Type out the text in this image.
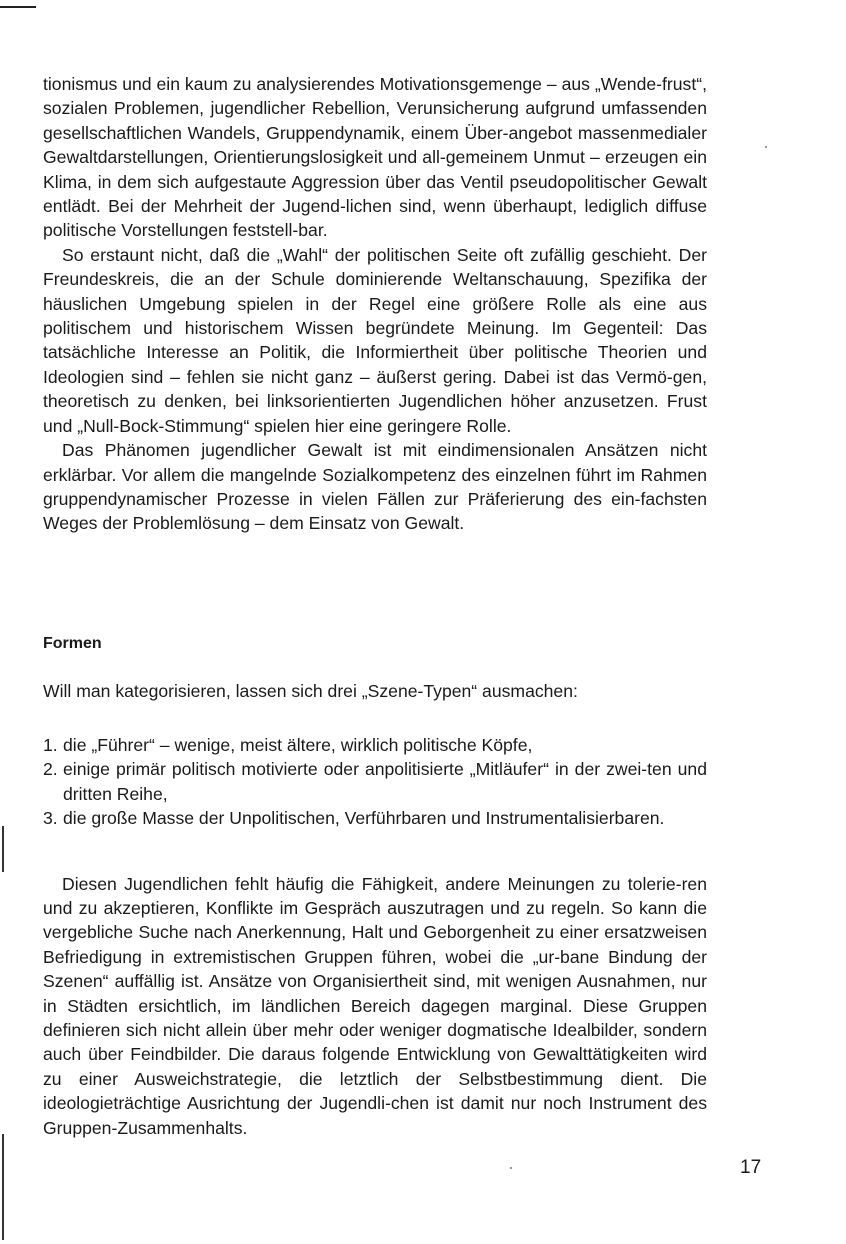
tionismus und ein kaum zu analysierendes Motivationsgemenge – aus „Wende-frust“, sozialen Problemen, jugendlicher Rebellion, Verunsicherung aufgrund umfassenden gesellschaftlichen Wandels, Gruppendynamik, einem Über-angebot massenmedialer Gewaltdarstellungen, Orientierungslosigkeit und all-gemeinem Unmut – erzeugen ein Klima, in dem sich aufgestaute Aggression über das Ventil pseudopolitischer Gewalt entlädt. Bei der Mehrheit der Jugend-lichen sind, wenn überhaupt, lediglich diffuse politische Vorstellungen feststell-bar.

So erstaunt nicht, daß die „Wahl“ der politischen Seite oft zufällig geschieht. Der Freundeskreis, die an der Schule dominierende Weltanschauung, Spezifika der häuslichen Umgebung spielen in der Regel eine größere Rolle als eine aus politischem und historischem Wissen begründete Meinung. Im Gegenteil: Das tatsächliche Interesse an Politik, die Informiertheit über politische Theorien und Ideologien sind – fehlen sie nicht ganz – äußerst gering. Dabei ist das Vermö-gen, theoretisch zu denken, bei linksorientierten Jugendlichen höher anzusetzen. Frust und „Null-Bock-Stimmung“ spielen hier eine geringere Rolle.

Das Phänomen jugendlicher Gewalt ist mit eindimensionalen Ansätzen nicht erklärbar. Vor allem die mangelnde Sozialkompetenz des einzelnen führt im Rahmen gruppendynamischer Prozesse in vielen Fällen zur Präferierung des ein-fachsten Weges der Problemlösung – dem Einsatz von Gewalt.

Formen
Will man kategorisieren, lassen sich drei „Szene-Typen“ ausmachen:
1. die „Führer“ – wenige, meist ältere, wirklich politische Köpfe,
2. einige primär politisch motivierte oder anpolitisierte „Mitläufer“ in der zwei-ten und dritten Reihe,
3. die große Masse der Unpolitischen, Verführbaren und Instrumentalisierbaren.

Diesen Jugendlichen fehlt häufig die Fähigkeit, andere Meinungen zu tolerie-ren und zu akzeptieren, Konflikte im Gespräch auszutragen und zu regeln. So kann die vergebliche Suche nach Anerkennung, Halt und Geborgenheit zu einer ersatzweisen Befriedigung in extremistischen Gruppen führen, wobei die „ur-bane Bindung der Szenen“ auffällig ist. Ansätze von Organisiertheit sind, mit wenigen Ausnahmen, nur in Städten ersichtlich, im ländlichen Bereich dagegen marginal. Diese Gruppen definieren sich nicht allein über mehr oder weniger dogmatische Idealbilder, sondern auch über Feindbilder. Die daraus folgende Entwicklung von Gewalttätigkeiten wird zu einer Ausweichstrategie, die letztlich der Selbstbestimmung dient. Die ideologieträchtige Ausrichtung der Jugendli-chen ist damit nur noch Instrument des Gruppen-Zusammenhalts.

17
